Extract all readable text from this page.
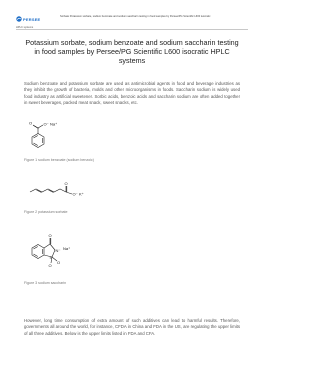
PERSEE	Sorbate Potassium sorbate, sodium benzoate and sodium saccharin testing in food samples by Persee/PG Scientific L600 isocratic
HPLC systems
Potassium sorbate, sodium benzoate and sodium saccharin testing in food samples by Persee/PG Scientific L600 isocratic HPLC systems
Sodium benzoate and potassium sorbate are used as antimicrobial agents in food and beverage industries as they inhibit the growth of bacteria, molds and other microorganisms in foods. Saccharin sodium is widely used food industry as artificial sweetener. Sorbic acids, benzoic acids and saccharin sodium are often added together in sweet beverages, packed meat snack, sweet snacks, etc.
O	O⁻ Na⁺
Figure 1 sodium benzoate (sodium benzoic)
O
O⁻ K⁺
Figure 2 potassium sorbate
O
N⁻ Na⁺
S
O
O
Figure 3 sodium saccharin
However, long time consumption of extra amount of such additives can lead to harmful results. Therefore, governments all around the world, for instance, CFDA in China and FDA in the US, are regulating the upper limits of all three additives. Below is the upper limits listed in FDA and CFA.
